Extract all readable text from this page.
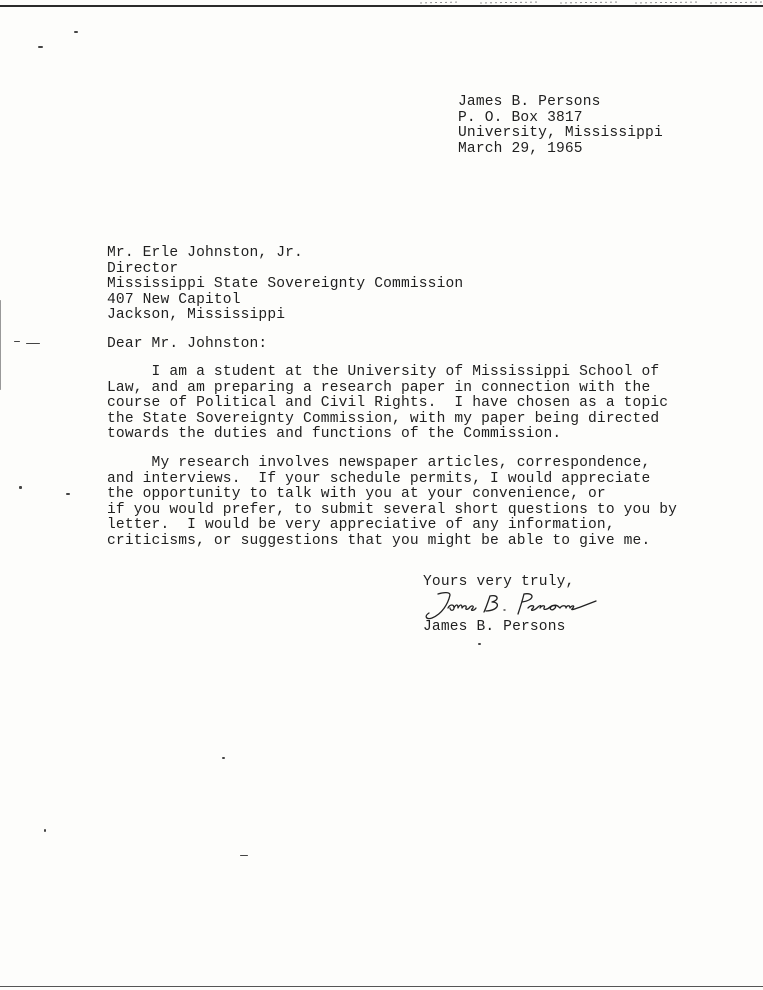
James B. Persons
P. O. Box 3817
University, Mississippi
March 29, 1965
Mr. Erle Johnston, Jr.
Director
Mississippi State Sovereignty Commission
407 New Capitol
Jackson, Mississippi
Dear Mr. Johnston:
I am a student at the University of Mississippi School of
Law, and am preparing a research paper in connection with the
course of Political and Civil Rights.  I have chosen as a topic
the State Sovereignty Commission, with my paper being directed
towards the duties and functions of the Commission.
My research involves newspaper articles, correspondence,
and interviews.  If your schedule permits, I would appreciate
the opportunity to talk with you at your convenience, or
if you would prefer, to submit several short questions to you by
letter.  I would be very appreciative of any information,
criticisms, or suggestions that you might be able to give me.
Yours very truly,
James B. Persons
